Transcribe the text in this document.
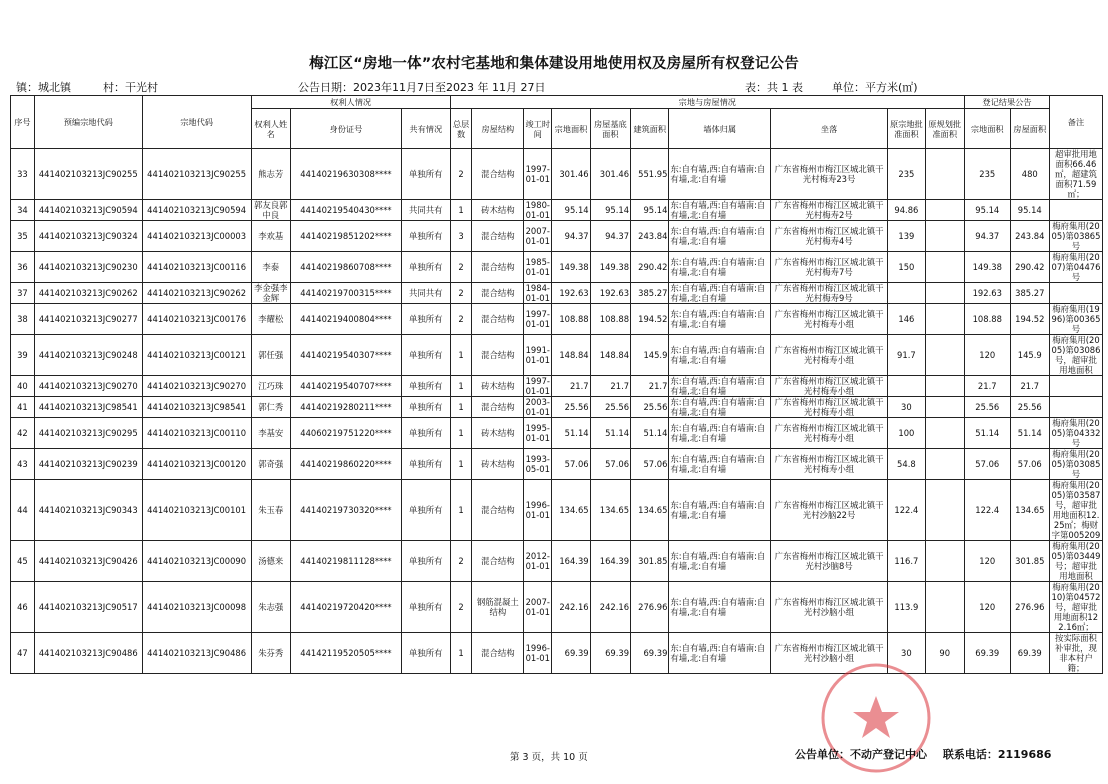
梅江区“房地一体”农村宅基地和集体建设用地使用权及房屋所有权登记公告
镇：城北镇	村：干光村	公告日期：2023年11月7日至2023 年 11月 27日	表：共 1 表	单位：平方米(㎡)
序号	预编宗地代码	宗地代码	权利人情况			宗地与房屋情况										登记结果公告		备注
			权利人姓名	身份证号	共有情况	总层数	房屋结构	竣工时间	宗地面积	房屋基底面积	建筑面积	墙体归属	坐落	原宗地批准面积	原规划批准面积	宗地面积	房屋面积	
33	441402103213JC90255	441402103213JC90255	熊志芳	44140219630308****	单独所有	2	混合结构	1997-01-01	301.46	301.46	551.95	东:自有墙,西:自有墙南:自有墙,北:自有墙	广东省梅州市梅江区城北镇干光村梅寿23号	235		235	480	超审批用地面积66.46㎡，超建筑面积71.59㎡；
34	441402103213JC90594	441402103213JC90594	郭友良郭中良	44140219540430****	共同共有	1	砖木结构	1980-01-01	95.14	95.14	95.14	东:自有墙,西:自有墙南:自有墙,北:自有墙	广东省梅州市梅江区城北镇干光村梅寿2号	94.86		95.14	95.14	
35	441402103213JC90324	441402103213JC00003	李欢基	44140219851202****	单独所有	3	混合结构	2007-01-01	94.37	94.37	243.84	东:自有墙,西:自有墙南:自有墙,北:自有墙	广东省梅州市梅江区城北镇干光村梅寿4号	139		94.37	243.84	梅府集用(2005)第03865号
36	441402103213JC90230	441402103213JC00116	李泰	44140219860708****	单独所有	2	混合结构	1985-01-01	149.38	149.38	290.42	东:自有墙,西:自有墙南:自有墙,北:自有墙	广东省梅州市梅江区城北镇干光村梅寿7号	150		149.38	290.42	梅府集用(2007)第04476号
37	441402103213JC90262	441402103213JC90262	李金强李金辉	44140219700315****	共同共有	2	混合结构	1984-01-01	192.63	192.63	385.27	东:自有墙,西:自有墙南:自有墙,北:自有墙	广东省梅州市梅江区城北镇干光村梅寿9号			192.63	385.27	
38	441402103213JC90277	441402103213JC00176	李耀松	44140219400804****	单独所有	2	混合结构	1997-01-01	108.88	108.88	194.52	东:自有墙,西:自有墙南:自有墙,北:自有墙	广东省梅州市梅江区城北镇干光村梅寿小组	146		108.88	194.52	梅府集用(1996)第00365号
39	441402103213JC90248	441402103213JC00121	郭任强	44140219540307****	单独所有	1	混合结构	1991-01-01	148.84	148.84	145.9	东:自有墙,西:自有墙南:自有墙,北:自有墙	广东省梅州市梅江区城北镇干光村梅寿小组	91.7		120	145.9	梅府集用(2005)第03086号，超审批用地面积
40	441402103213JC90270	441402103213JC90270	江巧珠	44140219540707****	单独所有	1	砖木结构	1997-01-01	21.7	21.7	21.7	东:自有墙,西:自有墙南:自有墙,北:自有墙	广东省梅州市梅江区城北镇干光村梅寿小组			21.7	21.7	
41	441402103213JC98541	441402103213JC98541	郭仁秀	44140219280211****	单独所有	1	混合结构	2003-01-01	25.56	25.56	25.56	东:自有墙,西:自有墙南:自有墙,北:自有墙	广东省梅州市梅江区城北镇干光村梅寿小组	30		25.56	25.56	
42	441402103213JC90295	441402103213JC00110	李基安	44060219751220****	单独所有	1	砖木结构	1995-01-01	51.14	51.14	51.14	东:自有墙,西:自有墙南:自有墙,北:自有墙	广东省梅州市梅江区城北镇干光村梅寿小组	100		51.14	51.14	梅府集用(2005)第04332号
43	441402103213JC90239	441402103213JC00120	郭奇强	44140219860220****	单独所有	1	砖木结构	1993-05-01	57.06	57.06	57.06	东:自有墙,西:自有墙南:自有墙,北:自有墙	广东省梅州市梅江区城北镇干光村梅寿小组	54.8		57.06	57.06	梅府集用(2005)第03085号
44	441402103213JC90343	441402103213JC00101	朱玉春	44140219730320****	单独所有	1	混合结构	1996-01-01	134.65	134.65	134.65	东:自有墙,西:自有墙南:自有墙,北:自有墙	广东省梅州市梅江区城北镇干光村沙脑22号	122.4		122.4	134.65	梅府集用(2005)第03587号，超审批用地面积12.25㎡；梅财字第005209
45	441402103213JC90426	441402103213JC00090	汤德来	44140219811128****	单独所有	2	混合结构	2012-01-01	164.39	164.39	301.85	东:自有墙,西:自有墙南:自有墙,北:自有墙	广东省梅州市梅江区城北镇干光村沙脑8号	116.7		120	301.85	梅府集用(2005)第03449号；超审批用地面积
46	441402103213JC90517	441402103213JC00098	朱志强	44140219720420****	单独所有	2	钢筋混凝土结构	2007-01-01	242.16	242.16	276.96	东:自有墙,西:自有墙南:自有墙,北:自有墙	广东省梅州市梅江区城北镇干光村沙脑小组	113.9		120	276.96	梅府集用(2010)第04572号，超审批用地面积122.16㎡；
47	441402103213JC90486	441402103213JC90486	朱芬秀	44142119520505****	单独所有	1	混合结构	1996-01-01	69.39	69.39	69.39	东:自有墙,西:自有墙南:自有墙,北:自有墙	广东省梅州市梅江区城北镇干光村沙脑小组	30	90	69.39	69.39	按实际面积补审批，现非本村户籍；
第 3 页，共 10 页	公告单位：不动产登记中心 联系电话：2119686
